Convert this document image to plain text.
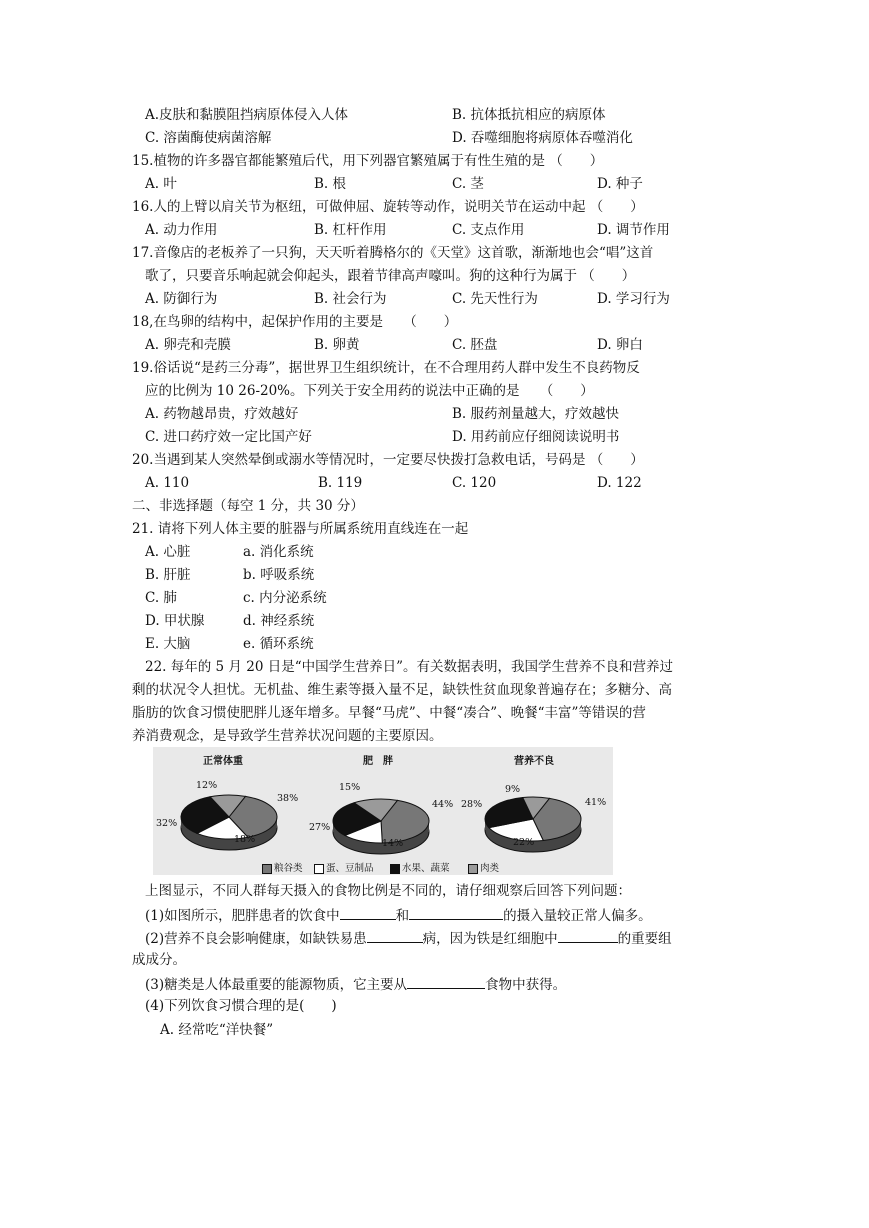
A.皮肤和黏膜阻挡病原体侵入人体	B. 抗体抵抗相应的病原体
C. 溶菌酶使病菌溶解	D. 吞噬细胞将病原体吞噬消化
15.植物的许多器官都能繁殖后代，用下列器官繁殖属于有性生殖的是 （　　）
A. 叶	B. 根	C. 茎	D. 种子
16.人的上臂以肩关节为枢纽，可做伸屈、旋转等动作，说明关节在运动中起 （　　）
A. 动力作用	B. 杠杆作用	C. 支点作用	D. 调节作用
17.音像店的老板养了一只狗，天天听着腾格尔的《天堂》这首歌，渐渐地也会“唱”这首
歌了，只要音乐响起就会仰起头，跟着节律高声嚎叫。狗的这种行为属于 （　　）
A. 防御行为	B. 社会行为	C. 先天性行为	D. 学习行为
18,在鸟卵的结构中，起保护作用的主要是　　（　　）
A. 卵壳和壳膜	B. 卵黄	C. 胚盘	D. 卵白
19.俗话说“是药三分毒”，据世界卫生组织统计，在不合理用药人群中发生不良药物反
应的比例为 10 26-20%。下列关于安全用药的说法中正确的是　　（　　）
A. 药物越昂贵，疗效越好	B. 服药剂量越大，疗效越快
C. 进口药疗效一定比国产好	D. 用药前应仔细阅读说明书
20.当遇到某人突然晕倒或溺水等情况时，一定要尽快拨打急救电话，号码是 （　　）
A. 110	B. 119	C. 120	D. 122
二、非选择题（每空 1 分，共 30 分）
21. 请将下列人体主要的脏器与所属系统用直线连在一起
A. 心脏	a. 消化系统
B. 肝脏	b. 呼吸系统
C. 肺	c. 内分泌系统
D. 甲状腺	d. 神经系统
E. 大脑	e. 循环系统
22. 每年的 5 月 20 日是“中国学生营养日”。有关数据表明，我国学生营养不良和营养过
剩的状况令人担忧。无机盐、维生素等摄入量不足，缺铁性贫血现象普遍存在；多糖分、高
脂肪的饮食习惯使肥胖儿逐年增多。早餐“马虎”、中餐“凑合”、晚餐“丰富”等错误的营
养消费观念，是导致学生营养状况问题的主要原因。
正常体重	肥　胖	营养不良
38%
18%
32%
12%
44%
14%
27%
15%
41%
22%
28%
9%
粮谷类	蛋、豆制品	水果、蔬菜	肉类
上图显示，不同人群每天摄入的食物比例是不同的，请仔细观察后回答下列问题：
(1)如图所示，肥胖患者的饮食中	和	的摄入量较正常人偏多。
(2)营养不良会影响健康，如缺铁易患	病，因为铁是红细胞中	的重要组
成成分。
(3)糖类是人体最重要的能源物质，它主要从	食物中获得。
(4)下列饮食习惯合理的是(　　)
A. 经常吃“洋快餐”
